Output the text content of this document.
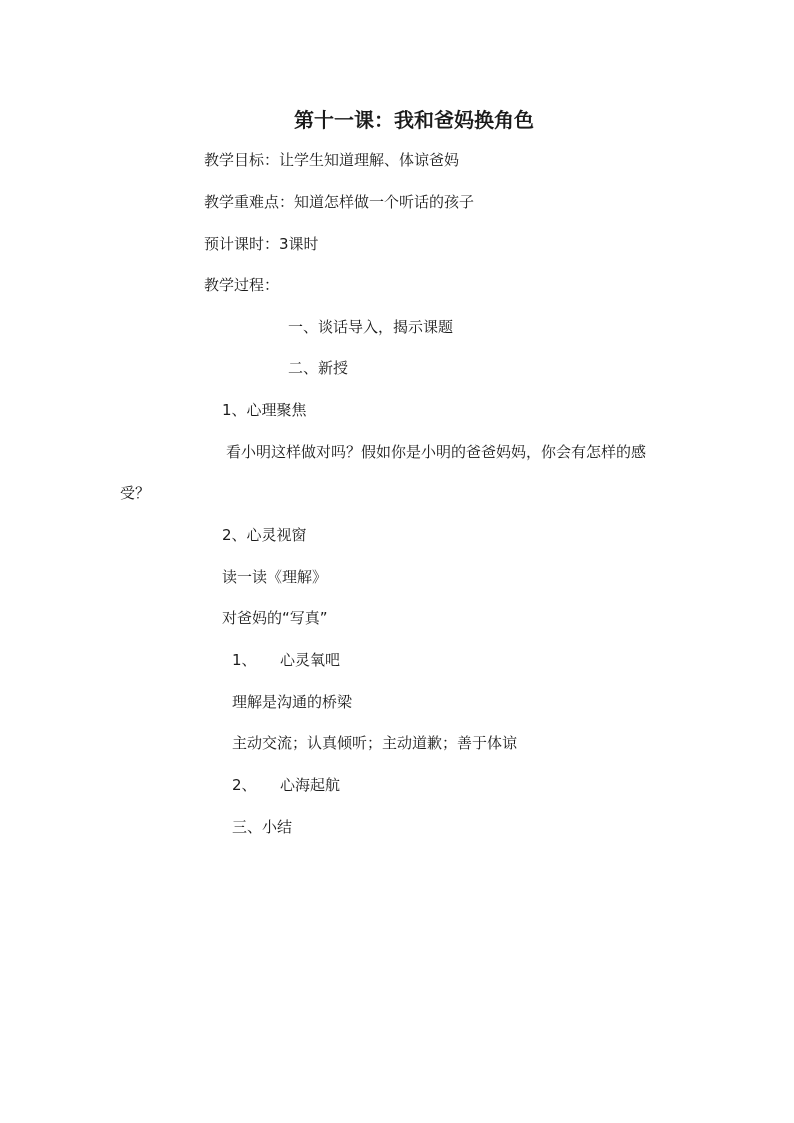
第十一课：我和爸妈换角色
教学目标：让学生知道理解、体谅爸妈
教学重难点：知道怎样做一个听话的孩子
预计课时：3课时
教学过程：
一、谈话导入，揭示课题
二、新授
1、心理聚焦
看小明这样做对吗？假如你是小明的爸爸妈妈，你会有怎样的感
受？
2、心灵视窗
读一读《理解》
对爸妈的“写真”
1、 心灵氧吧
理解是沟通的桥梁
主动交流；认真倾听；主动道歉；善于体谅
2、 心海起航
三、小结
